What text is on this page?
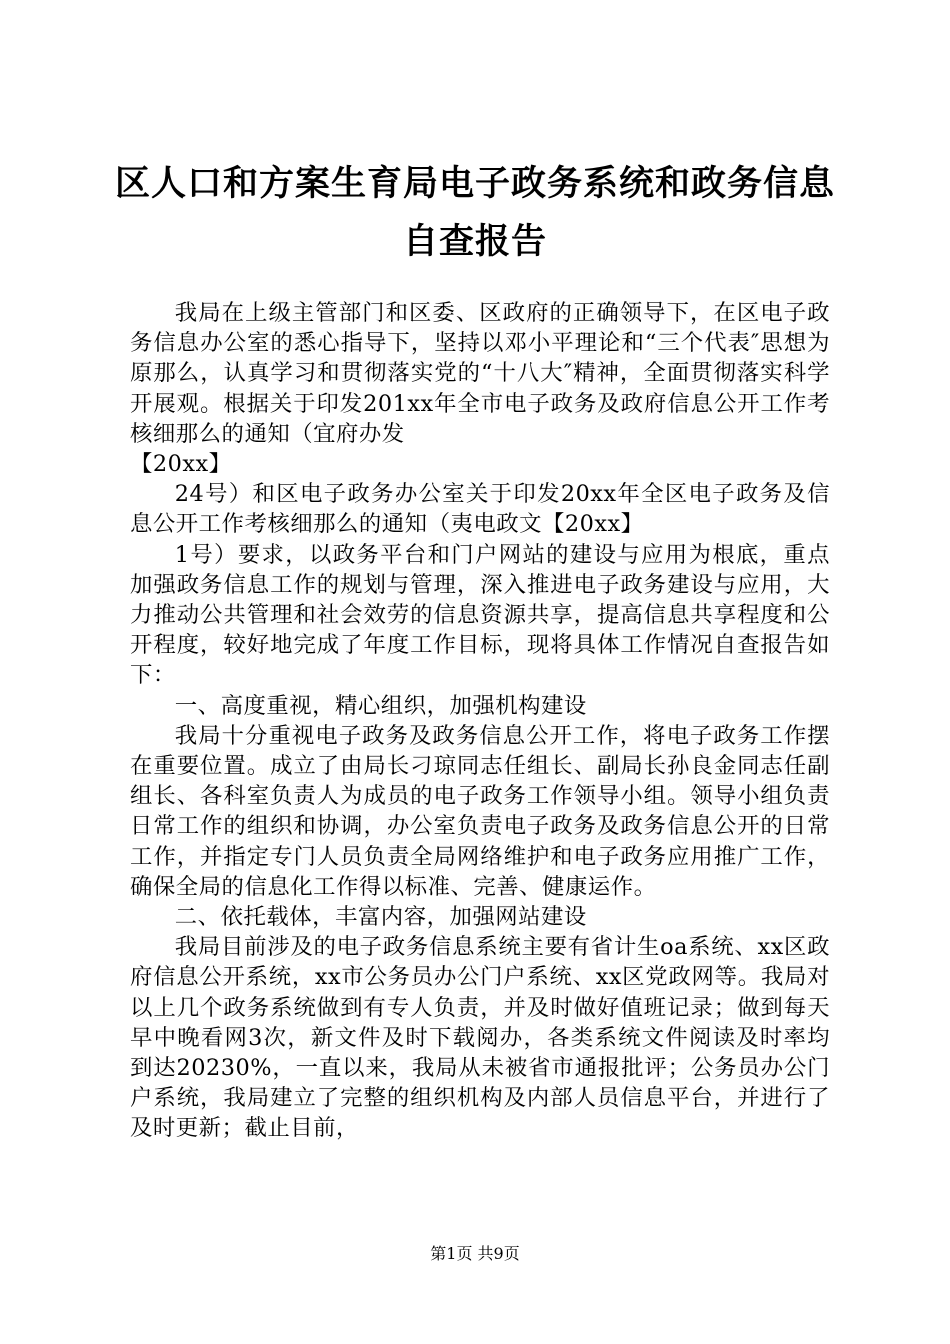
区人口和方案生育局电子政务系统和政务信息
自查报告

我局在上级主管部门和区委、区政府的正确领导下，在区电子政务信息办公室的悉心指导下，坚持以邓小平理论和“三个代表″思想为原那么，认真学习和贯彻落实党的“十八大″精神，全面贯彻落实科学开展观。根据关于印发201xx年全市电子政务及政府信息公开工作考核细那么的通知（宜府办发

【20xx】

24号）和区电子政务办公室关于印发20xx年全区电子政务及信息公开工作考核细那么的通知（夷电政文【20xx】

1号）要求，以政务平台和门户网站的建设与应用为根底，重点加强政务信息工作的规划与管理，深入推进电子政务建设与应用，大力推动公共管理和社会效劳的信息资源共享，提高信息共享程度和公开程度，较好地完成了年度工作目标，现将具体工作情况自查报告如下：

一、高度重视，精心组织，加强机构建设

我局十分重视电子政务及政务信息公开工作，将电子政务工作摆在重要位置。成立了由局长刁琼同志任组长、副局长孙良金同志任副组长、各科室负责人为成员的电子政务工作领导小组。领导小组负责日常工作的组织和协调，办公室负责电子政务及政务信息公开的日常工作，并指定专门人员负责全局网络维护和电子政务应用推广工作，确保全局的信息化工作得以标准、完善、健康运作。

二、依托载体，丰富内容，加强网站建设

我局目前涉及的电子政务信息系统主要有省计生oa系统、xx区政府信息公开系统，xx市公务员办公门户系统、xx区党政网等。我局对以上几个政务系统做到有专人负责，并及时做好值班记录；做到每天早中晚看网3次，新文件及时下载阅办，各类系统文件阅读及时率均到达20230%，一直以来，我局从未被省市通报批评；公务员办公门户系统，我局建立了完整的组织机构及内部人员信息平台，并进行了及时更新；截止目前，

第1页 共9页
